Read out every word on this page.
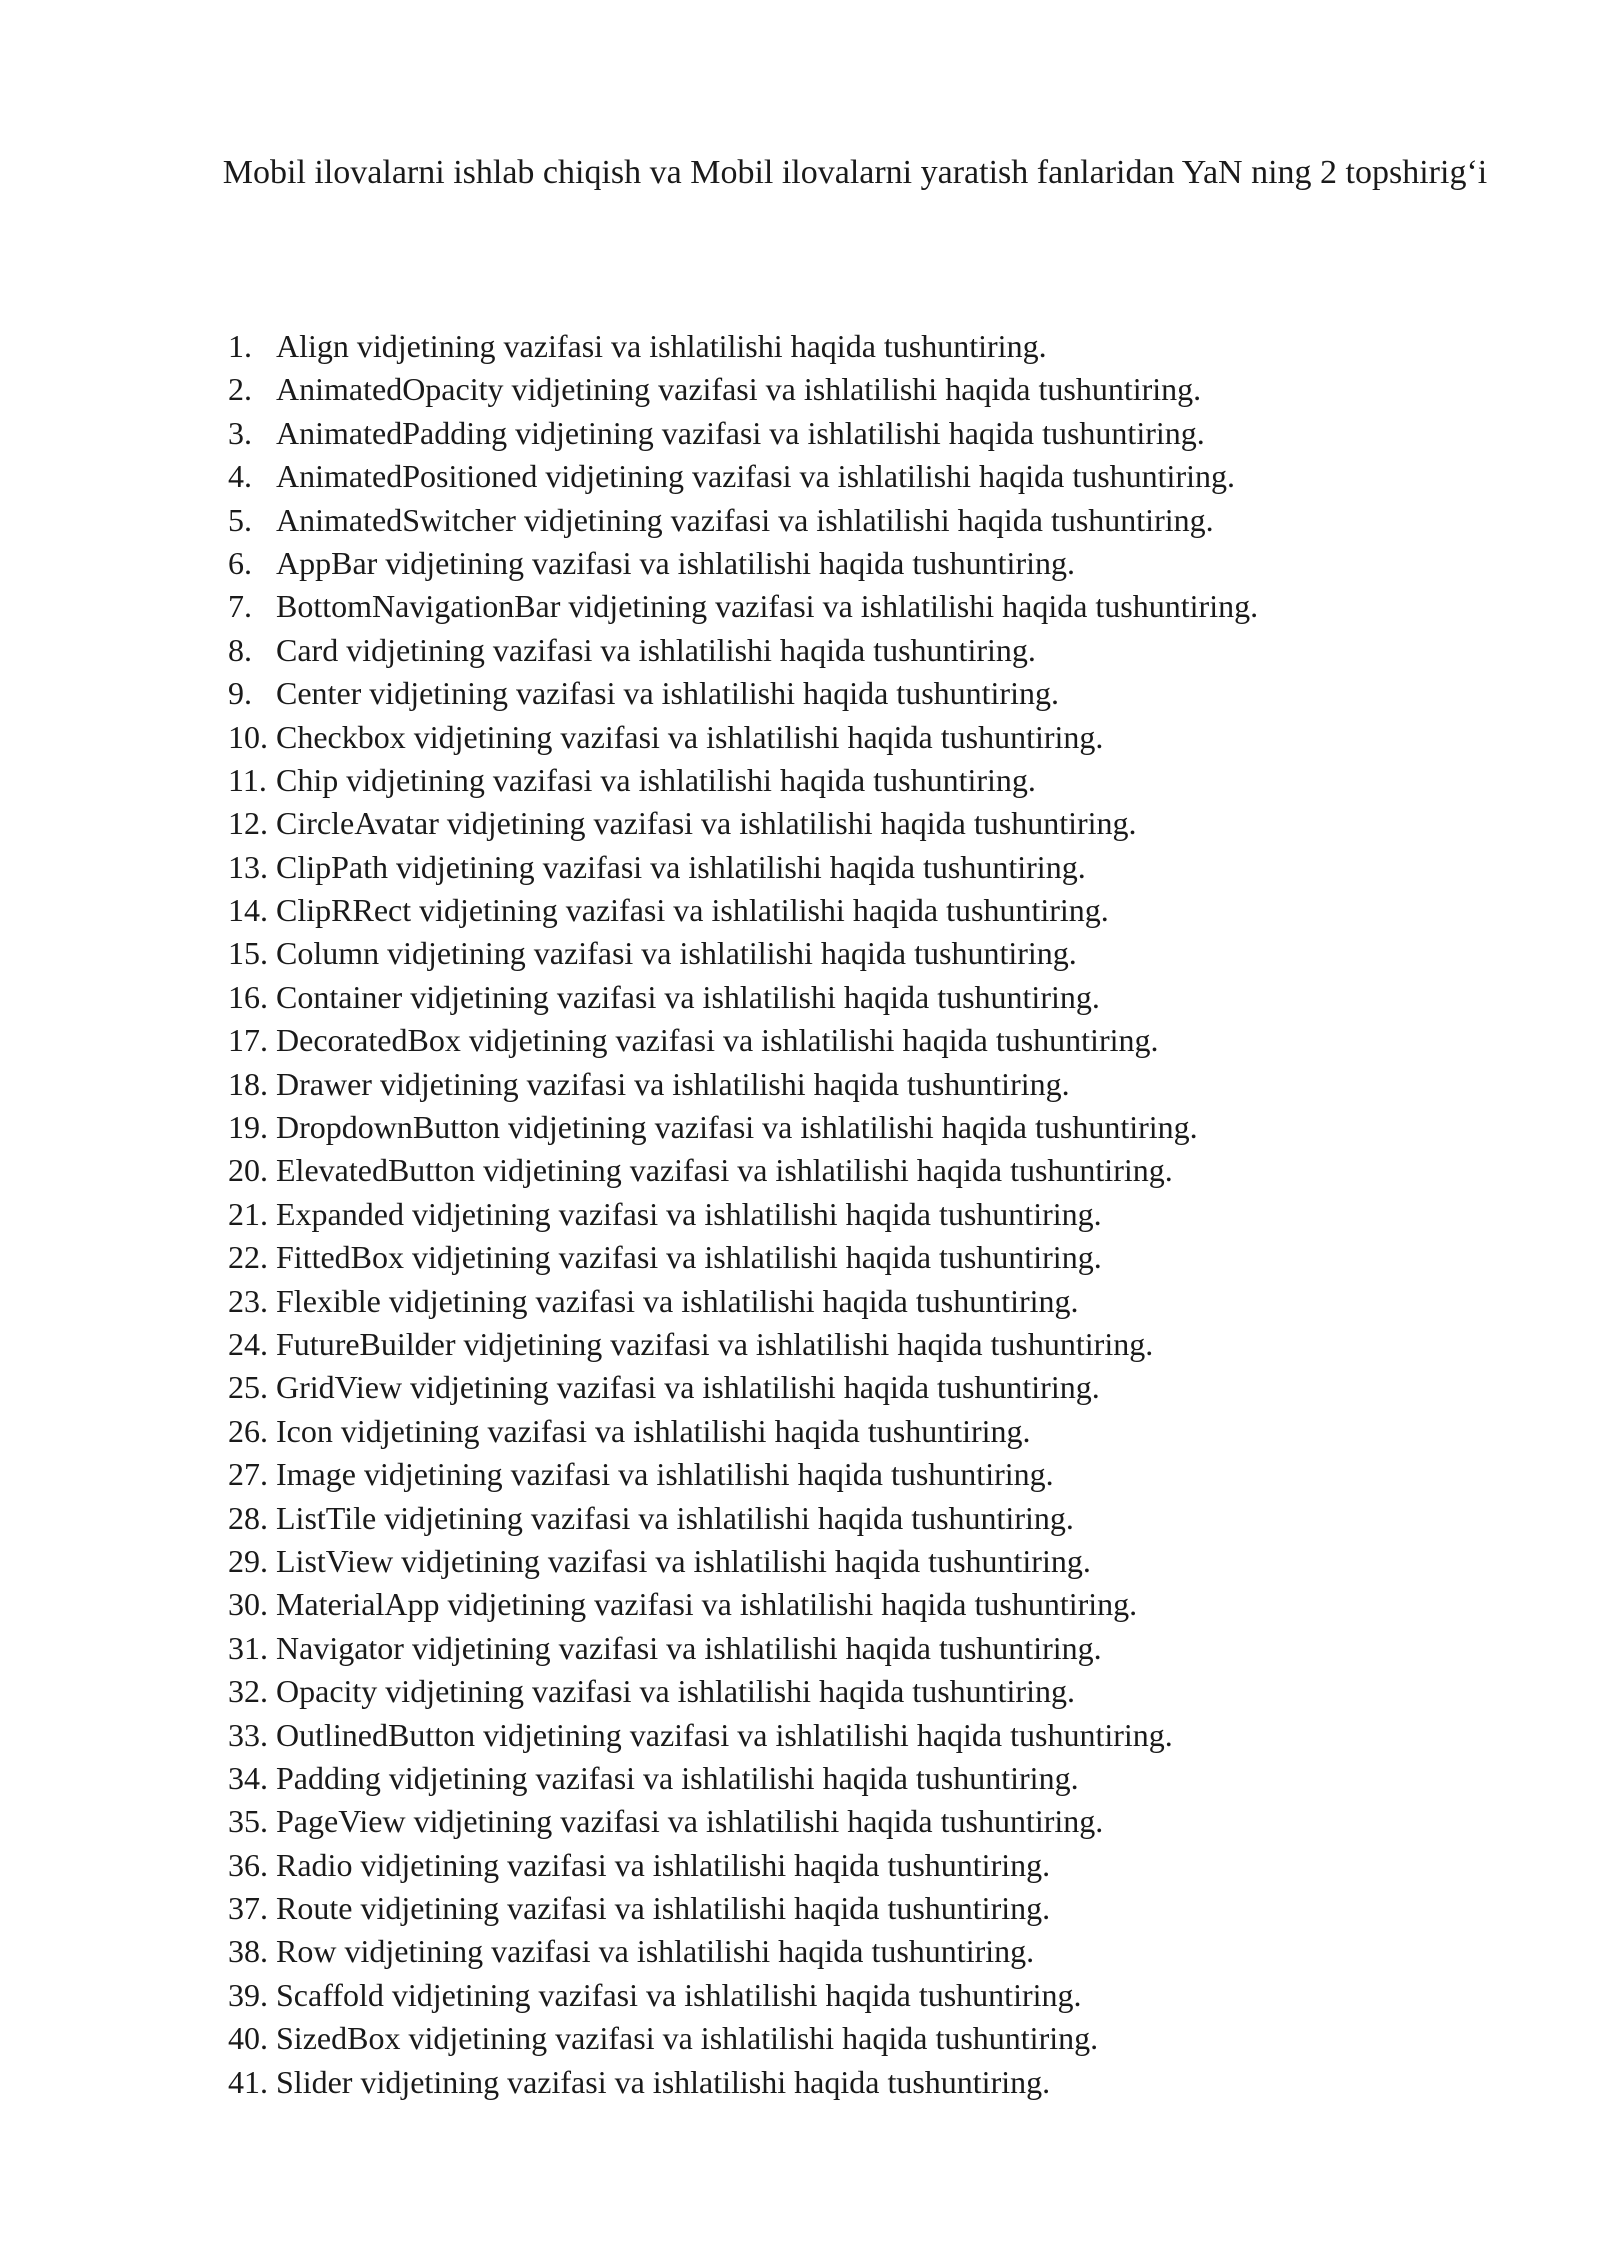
Mobil ilovalarni ishlab chiqish va Mobil ilovalarni yaratish fanlaridan YaN ning 2 topshirig‘i
1. Align vidjetining vazifasi va ishlatilishi haqida tushuntiring.
2. AnimatedOpacity vidjetining vazifasi va ishlatilishi haqida tushuntiring.
3. AnimatedPadding vidjetining vazifasi va ishlatilishi haqida tushuntiring.
4. AnimatedPositioned vidjetining vazifasi va ishlatilishi haqida tushuntiring.
5. AnimatedSwitcher vidjetining vazifasi va ishlatilishi haqida tushuntiring.
6. AppBar vidjetining vazifasi va ishlatilishi haqida tushuntiring.
7. BottomNavigationBar vidjetining vazifasi va ishlatilishi haqida tushuntiring.
8. Card vidjetining vazifasi va ishlatilishi haqida tushuntiring.
9. Center vidjetining vazifasi va ishlatilishi haqida tushuntiring.
10. Checkbox vidjetining vazifasi va ishlatilishi haqida tushuntiring.
11. Chip vidjetining vazifasi va ishlatilishi haqida tushuntiring.
12. CircleAvatar vidjetining vazifasi va ishlatilishi haqida tushuntiring.
13. ClipPath vidjetining vazifasi va ishlatilishi haqida tushuntiring.
14. ClipRRect vidjetining vazifasi va ishlatilishi haqida tushuntiring.
15. Column vidjetining vazifasi va ishlatilishi haqida tushuntiring.
16. Container vidjetining vazifasi va ishlatilishi haqida tushuntiring.
17. DecoratedBox vidjetining vazifasi va ishlatilishi haqida tushuntiring.
18. Drawer vidjetining vazifasi va ishlatilishi haqida tushuntiring.
19. DropdownButton vidjetining vazifasi va ishlatilishi haqida tushuntiring.
20. ElevatedButton vidjetining vazifasi va ishlatilishi haqida tushuntiring.
21. Expanded vidjetining vazifasi va ishlatilishi haqida tushuntiring.
22. FittedBox vidjetining vazifasi va ishlatilishi haqida tushuntiring.
23. Flexible vidjetining vazifasi va ishlatilishi haqida tushuntiring.
24. FutureBuilder vidjetining vazifasi va ishlatilishi haqida tushuntiring.
25. GridView vidjetining vazifasi va ishlatilishi haqida tushuntiring.
26. Icon vidjetining vazifasi va ishlatilishi haqida tushuntiring.
27. Image vidjetining vazifasi va ishlatilishi haqida tushuntiring.
28. ListTile vidjetining vazifasi va ishlatilishi haqida tushuntiring.
29. ListView vidjetining vazifasi va ishlatilishi haqida tushuntiring.
30. MaterialApp vidjetining vazifasi va ishlatilishi haqida tushuntiring.
31. Navigator vidjetining vazifasi va ishlatilishi haqida tushuntiring.
32. Opacity vidjetining vazifasi va ishlatilishi haqida tushuntiring.
33. OutlinedButton vidjetining vazifasi va ishlatilishi haqida tushuntiring.
34. Padding vidjetining vazifasi va ishlatilishi haqida tushuntiring.
35. PageView vidjetining vazifasi va ishlatilishi haqida tushuntiring.
36. Radio vidjetining vazifasi va ishlatilishi haqida tushuntiring.
37. Route vidjetining vazifasi va ishlatilishi haqida tushuntiring.
38. Row vidjetining vazifasi va ishlatilishi haqida tushuntiring.
39. Scaffold vidjetining vazifasi va ishlatilishi haqida tushuntiring.
40. SizedBox vidjetining vazifasi va ishlatilishi haqida tushuntiring.
41. Slider vidjetining vazifasi va ishlatilishi haqida tushuntiring.
